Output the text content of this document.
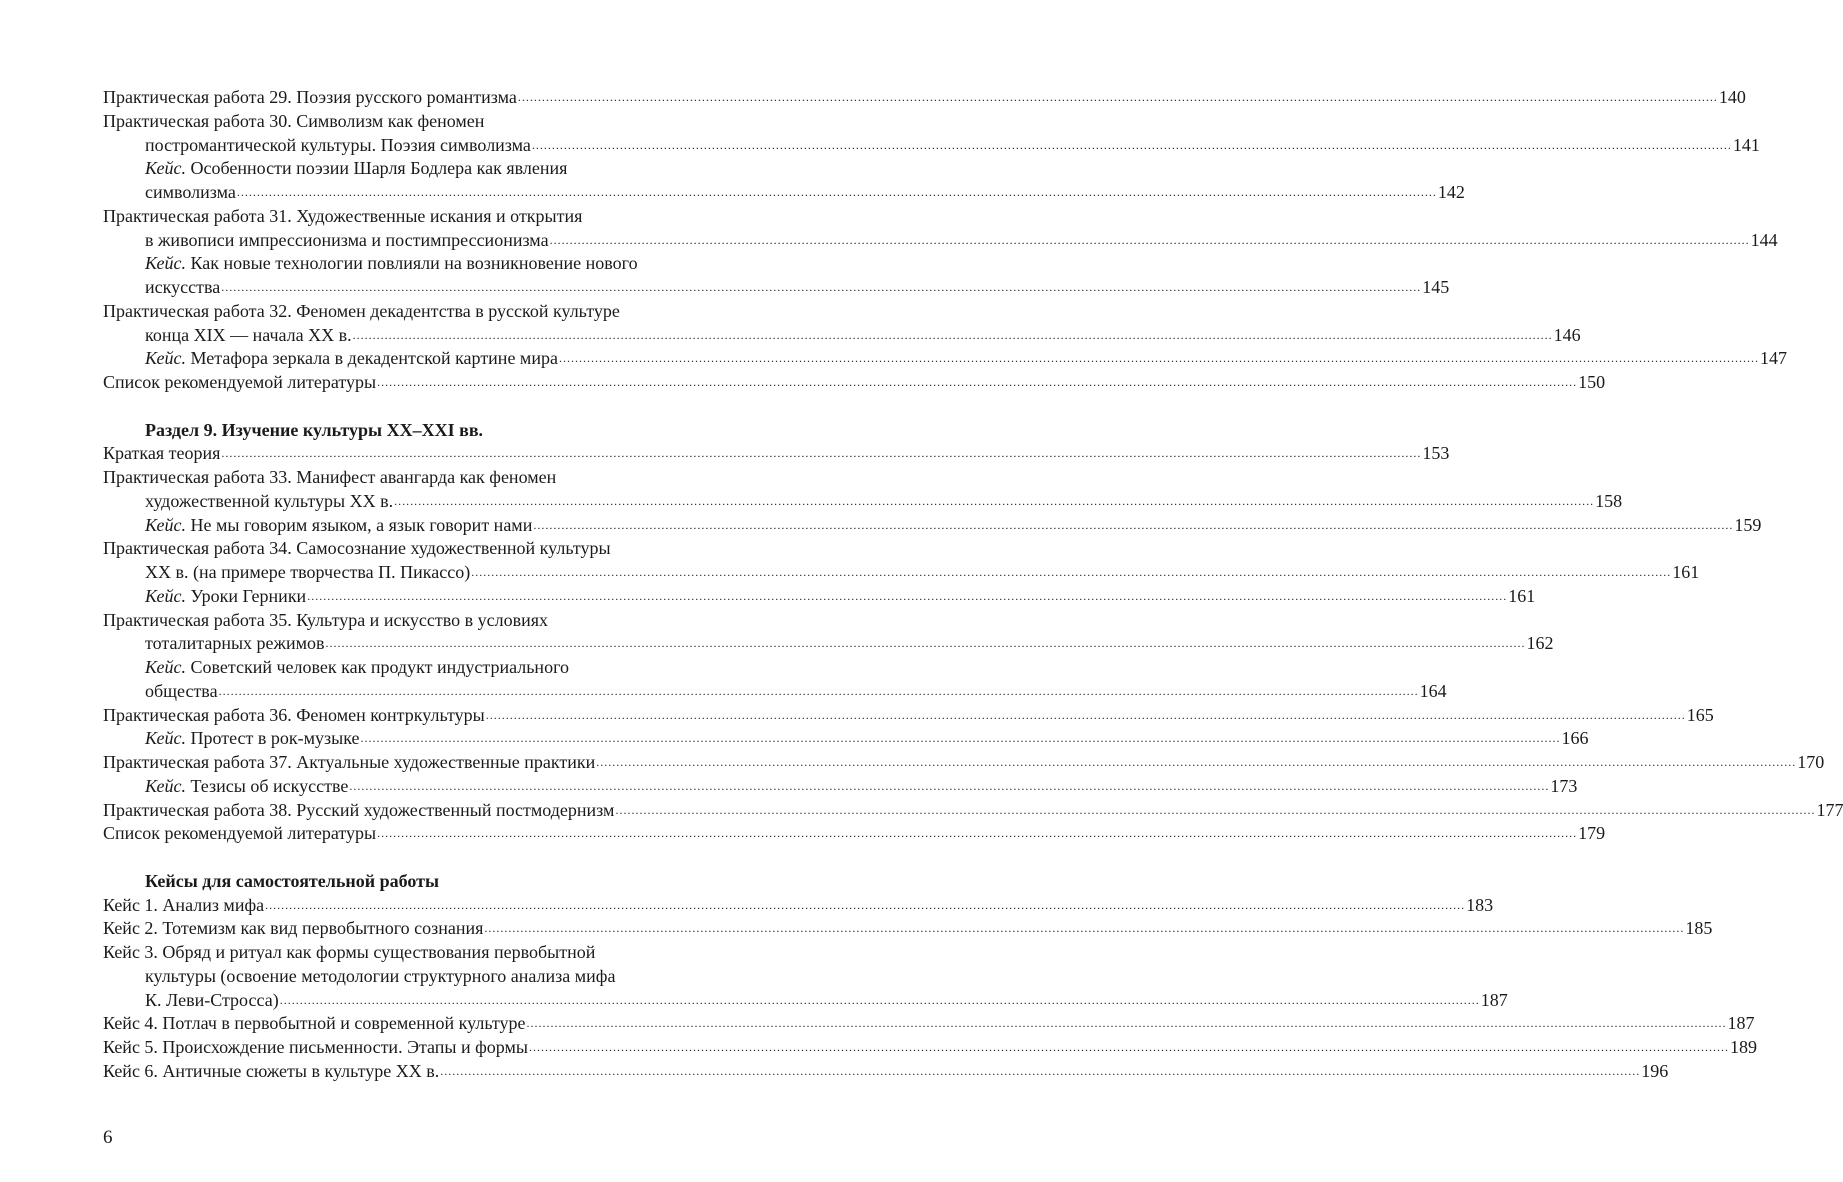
Практическая работа 29. Поэзия русского романтизма ............................................................................................................................................................................................................................................................................................................ 140
Практическая работа 30. Символизм как феномен
постромантической культуры. Поэзия символизма ............................................................................................................................................................................................................................................................................................................ 141
Кейс. Особенности поэзии Шарля Бодлера как явления
символизма ............................................................................................................................................................................................................................................................................................................ 142
Практическая работа 31. Художественные искания и открытия
в живописи импрессионизма и постимпрессионизма ............................................................................................................................................................................................................................................................................................................ 144
Кейс. Как новые технологии повлияли на возникновение нового
искусства ............................................................................................................................................................................................................................................................................................................ 145
Практическая работа 32. Феномен декадентства в русской культуре
конца XIX — начала XX в. ............................................................................................................................................................................................................................................................................................................ 146
Кейс. Метафора зеркала в декадентской картине мира ............................................................................................................................................................................................................................................................................................................ 147
Список рекомендуемой литературы ............................................................................................................................................................................................................................................................................................................ 150
Раздел 9. Изучение культуры XX–XXI вв.
Краткая теория ............................................................................................................................................................................................................................................................................................................ 153
Практическая работа 33. Манифест авангарда как феномен
художественной культуры XX в. ............................................................................................................................................................................................................................................................................................................ 158
Кейс. Не мы говорим языком, а язык говорит нами ............................................................................................................................................................................................................................................................................................................ 159
Практическая работа 34. Самосознание художественной культуры
XX в. (на примере творчества П. Пикассо) ............................................................................................................................................................................................................................................................................................................ 161
Кейс. Уроки Герники ............................................................................................................................................................................................................................................................................................................ 161
Практическая работа 35. Культура и искусство в условиях
тоталитарных режимов ............................................................................................................................................................................................................................................................................................................ 162
Кейс. Советский человек как продукт индустриального
общества ............................................................................................................................................................................................................................................................................................................ 164
Практическая работа 36. Феномен контркультуры ............................................................................................................................................................................................................................................................................................................ 165
Кейс. Протест в рок-музыке ............................................................................................................................................................................................................................................................................................................ 166
Практическая работа 37. Актуальные художественные практики ............................................................................................................................................................................................................................................................................................................ 170
Кейс. Тезисы об искусстве ............................................................................................................................................................................................................................................................................................................ 173
Практическая работа 38. Русский художественный постмодернизм ............................................................................................................................................................................................................................................................................................................ 177
Список рекомендуемой литературы ............................................................................................................................................................................................................................................................................................................ 179
Кейсы для самостоятельной работы
Кейс 1. Анализ мифа ............................................................................................................................................................................................................................................................................................................ 183
Кейс 2. Тотемизм как вид первобытного сознания ............................................................................................................................................................................................................................................................................................................ 185
Кейс 3. Обряд и ритуал как формы существования первобытной
культуры (освоение методологии структурного анализа мифа
К. Леви-Стросса) ............................................................................................................................................................................................................................................................................................................ 187
Кейс 4. Потлач в первобытной и современной культуре ............................................................................................................................................................................................................................................................................................................ 187
Кейс 5. Происхождение письменности. Этапы и формы ............................................................................................................................................................................................................................................................................................................ 189
Кейс 6. Античные сюжеты в культуре XX в. ............................................................................................................................................................................................................................................................................................................ 196
6
